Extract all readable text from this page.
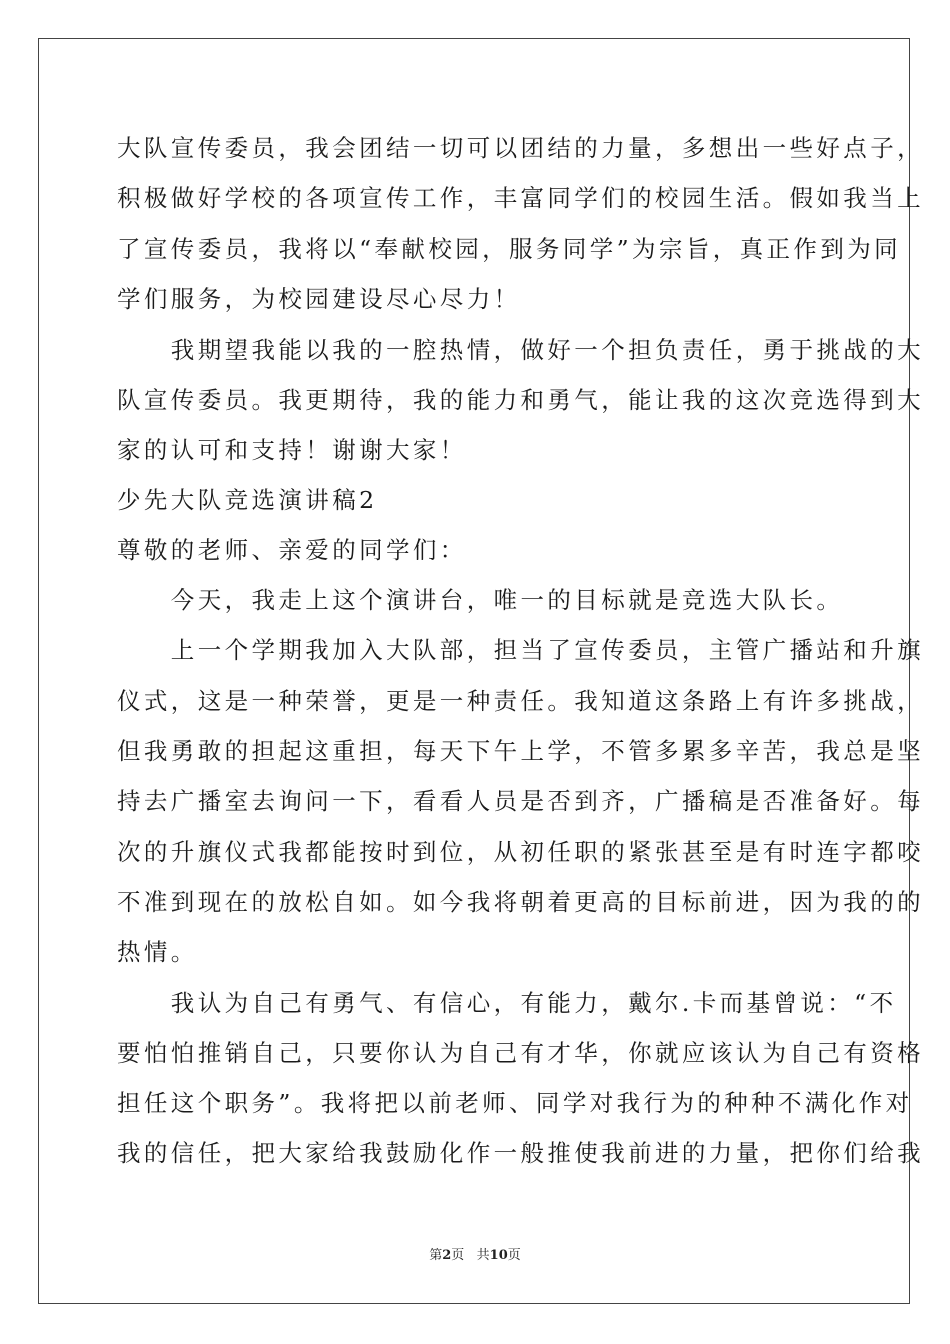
大队宣传委员，我会团结一切可以团结的力量，多想出一些好点子，
积极做好学校的各项宣传工作，丰富同学们的校园生活。假如我当上
了宣传委员，我将以“奉献校园，服务同学”为宗旨，真正作到为同
学们服务，为校园建设尽心尽力！
　　我期望我能以我的一腔热情，做好一个担负责任，勇于挑战的大
队宣传委员。我更期待，我的能力和勇气，能让我的这次竞选得到大
家的认可和支持！谢谢大家！
少先大队竞选演讲稿2
尊敬的老师、亲爱的同学们：
　　今天，我走上这个演讲台，唯一的目标就是竞选大队长。
　　上一个学期我加入大队部，担当了宣传委员，主管广播站和升旗
仪式，这是一种荣誉，更是一种责任。我知道这条路上有许多挑战，
但我勇敢的担起这重担，每天下午上学，不管多累多辛苦，我总是坚
持去广播室去询问一下，看看人员是否到齐，广播稿是否准备好。每
次的升旗仪式我都能按时到位，从初任职的紧张甚至是有时连字都咬
不准到现在的放松自如。如今我将朝着更高的目标前进，因为我的的
热情。
　　我认为自己有勇气、有信心，有能力，戴尔.卡而基曾说：“不
要怕怕推销自己，只要你认为自己有才华，你就应该认为自己有资格
担任这个职务”。我将把以前老师、同学对我行为的种种不满化作对
我的信任，把大家给我鼓励化作一般推使我前进的力量，把你们给我
第2页   共10页
